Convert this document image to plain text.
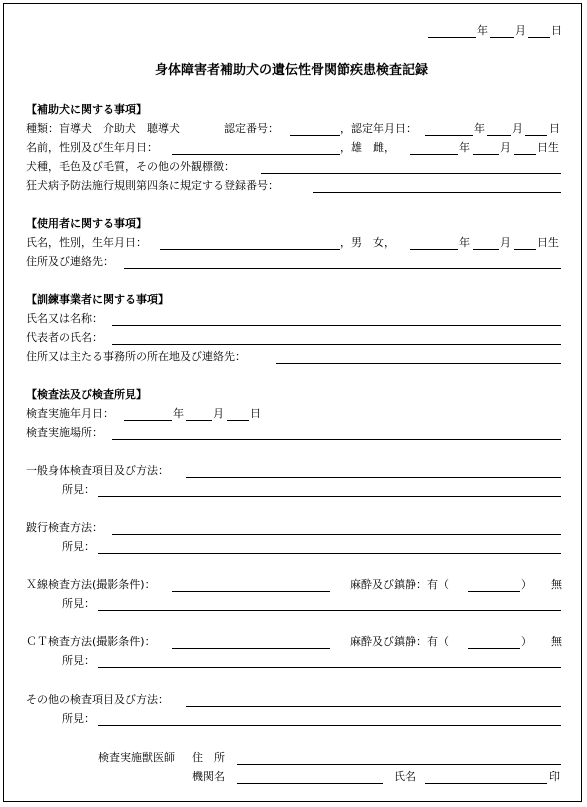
年 月 日
身体障害者補助犬の遺伝性骨関節疾患検査記録
【補助犬に関する事項】
種類：盲導犬　介助犬　聴導犬	認定番号：	，認定年月日：	年 月 日
名前，性別及び生年月日：	，雄　雌，	年	月 日生
犬種，毛色及び毛質，その他の外観標徴：
狂犬病予防法施行規則第四条に規定する登録番号：
【使用者に関する事項】
氏名，性別，生年月日：	，男　女，	年	月 日生
住所及び連絡先：
【訓練事業者に関する事項】
氏名又は名称：
代表者の氏名：
住所又は主たる事務所の所在地及び連絡先：
【検査法及び検査所見】
検査実施年月日：	年	月 日
検査実施場所：
一般身体検査項目及び方法：
所見：
跛行検査方法：
所見：
Ｘ線検査方法(撮影条件)：	麻酔及び鎮静：有（	） 無
所見：
ＣＴ検査方法(撮影条件)：	麻酔及び鎮静：有（	） 無
所見：
その他の検査項目及び方法：
所見：
検査実施獣医師 住　所
機関名	氏名	印
